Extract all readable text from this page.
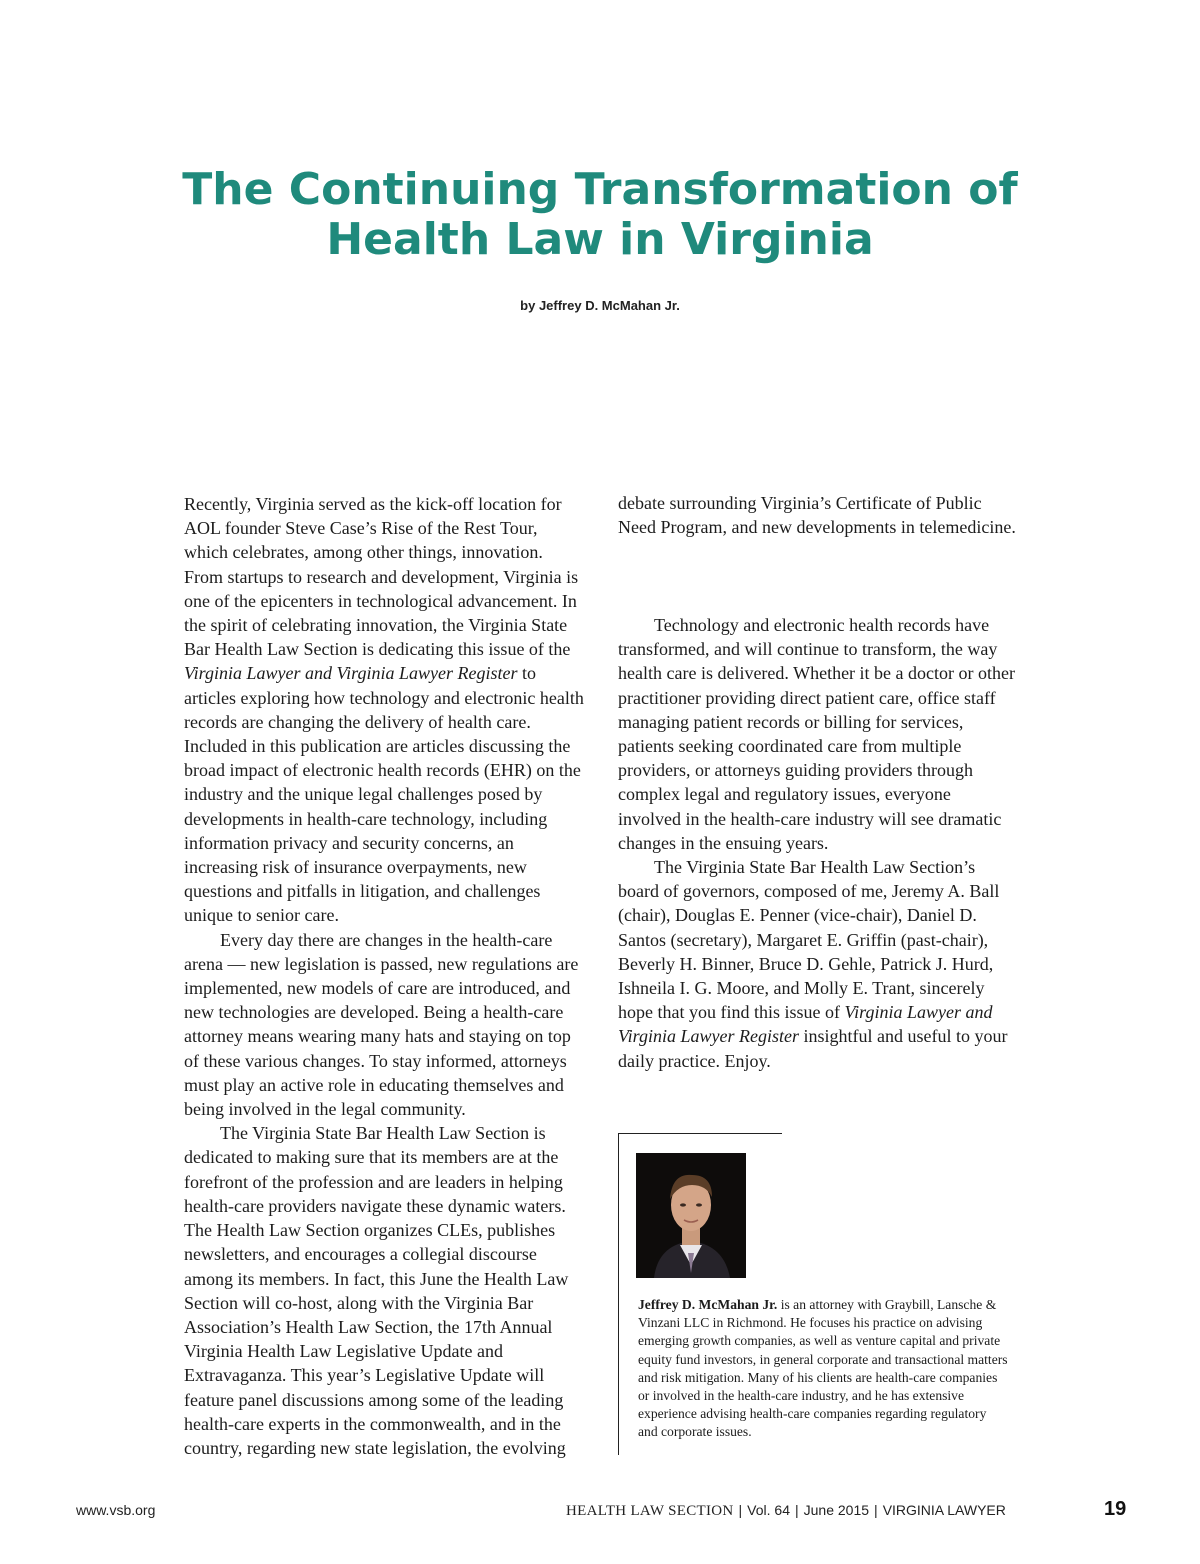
The Continuing Transformation of
Health Law in Virginia
by Jeffrey D. McMahan Jr.

Recently, Virginia served as the kick-off location for AOL founder Steve Case’s Rise of the Rest Tour, which celebrates, among other things, innovation. From startups to research and development, Virginia is one of the epicenters in technological advancement. In the spirit of celebrating innovation, the Virginia State Bar Health Law Section is dedicating this issue of the Virginia Lawyer and Virginia Lawyer Register to articles exploring how technology and electronic health records are changing the delivery of health care. Included in this publication are articles discussing the broad impact of electronic health records (EHR) on the industry and the unique legal challenges posed by developments in health-care technology, including information privacy and security concerns, an increasing risk of insurance overpayments, new questions and pitfalls in litigation, and challenges unique to senior care.

Every day there are changes in the health-care arena — new legislation is passed, new regulations are implemented, new models of care are introduced, and new technologies are developed. Being a health-care attorney means wearing many hats and staying on top of these various changes. To stay informed, attorneys must play an active role in educating themselves and being involved in the legal community.

The Virginia State Bar Health Law Section is dedicated to making sure that its members are at the forefront of the profession and are leaders in helping health-care providers navigate these dynamic waters. The Health Law Section organizes CLEs, publishes newsletters, and encourages a collegial discourse among its members. In fact, this June the Health Law Section will co-host, along with the Virginia Bar Association’s Health Law Section, the 17th Annual Virginia Health Law Legislative Update and Extravaganza. This year’s Legislative Update will feature panel discussions among some of the leading health-care experts in the commonwealth, and in the country, regarding new state legislation, the evolving

debate surrounding Virginia’s Certificate of Public Need Program, and new developments in telemedicine.

Technology and electronic health records have transformed, and will continue to transform, the way health care is delivered. Whether it be a doctor or other practitioner providing direct patient care, office staff managing patient records or billing for services, patients seeking coordinated care from multiple providers, or attorneys guiding providers through complex legal and regulatory issues, everyone involved in the health-care industry will see dramatic changes in the ensuing years.

The Virginia State Bar Health Law Section’s board of governors, composed of me, Jeremy A. Ball (chair), Douglas E. Penner (vice-chair), Daniel D. Santos (secretary), Margaret E. Griffin (past-chair), Beverly H. Binner, Bruce D. Gehle, Patrick J. Hurd, Ishneila I. G. Moore, and Molly E. Trant, sincerely hope that you find this issue of Virginia Lawyer and Virginia Lawyer Register insightful and useful to your daily practice. Enjoy.

Jeffrey D. McMahan Jr. is an attorney with Graybill, Lansche & Vinzani LLC in Richmond. He focuses his practice on advising emerging growth companies, as well as venture capital and private equity fund investors, in general corporate and transactional matters and risk mitigation. Many of his clients are health-care companies or involved in the health-care industry, and he has extensive experience advising health-care companies regarding regulatory and corporate issues.
www.vsb.org	HEALTH LAW SECTION | Vol. 64 | June 2015 | VIRGINIA LAWYER	19
